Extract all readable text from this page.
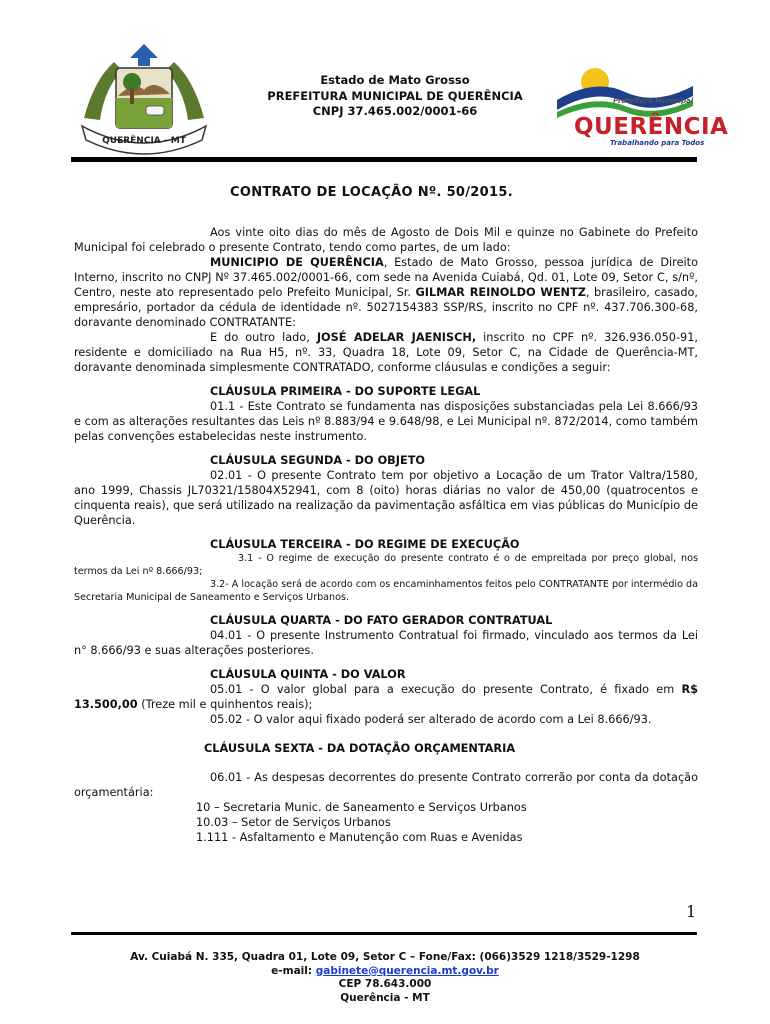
QUERÊNCIA - MT
Estado de Mato Grosso
PREFEITURA MUNICIPAL DE QUERÊNCIA
CNPJ 37.465.002/0001-66
Prefeitura Municipal
QUERÊNCIA
Trabalhando para Todos
CONTRATO DE LOCAÇÃO Nº. 50/2015.

Aos vinte oito dias do mês de Agosto de Dois Mil e quinze no Gabinete do Prefeito Municipal foi celebrado o presente Contrato, tendo como partes, de um lado:

MUNICIPIO DE QUERÊNCIA, Estado de Mato Grosso, pessoa jurídica de Direito Interno, inscrito no CNPJ Nº 37.465.002/0001-66, com sede na Avenida Cuiabá, Qd. 01, Lote 09, Setor C, s/nº, Centro, neste ato representado pelo Prefeito Municipal, Sr. GILMAR REINOLDO WENTZ, brasileiro, casado, empresário, portador da cédula de identidade nº. 5027154383 SSP/RS, inscrito no CPF nº. 437.706.300-68, doravante denominado CONTRATANTE:

E do outro lado, JOSÉ ADELAR JAENISCH, inscrito no CPF nº. 326.936.050-91, residente e domiciliado na Rua H5, nº. 33, Quadra 18, Lote 09, Setor C, na Cidade de Querência-MT, doravante denominada simplesmente CONTRATADO, conforme cláusulas e condições a seguir:

CLÁUSULA PRIMEIRA - DO SUPORTE LEGAL

01.1 - Este Contrato se fundamenta nas disposições substanciadas pela Lei 8.666/93 e com as alterações resultantes das Leis nº 8.883/94 e 9.648/98, e Lei Municipal nº. 872/2014, como também pelas convenções estabelecidas neste instrumento.

CLÁUSULA SEGUNDA - DO OBJETO

02.01 - O presente Contrato tem por objetivo a Locação de um Trator Valtra/1580, ano 1999, Chassis JL70321/15804X52941, com 8 (oito) horas diárias no valor de 450,00 (quatrocentos e cinquenta reais), que será utilizado na realização da pavimentação asfáltica em vias públicas do Município de Querência.

CLÁUSULA TERCEIRA - DO REGIME DE EXECUÇÃO

3.1 - O regime de execução do presente contrato é o de empreitada por preço global, nos termos da Lei nº 8.666/93;

3.2- A locação será de acordo com os encaminhamentos feitos pelo CONTRATANTE por intermédio da Secretaria Municipal de Saneamento e Serviços Urbanos.

CLÁUSULA QUARTA - DO FATO GERADOR CONTRATUAL

04.01 - O presente Instrumento Contratual foi firmado, vinculado aos termos da Lei n° 8.666/93 e suas alterações posteriores.

CLÁUSULA QUINTA - DO VALOR

05.01 - O valor global para a execução do presente Contrato, é fixado em R$ 13.500,00 (Treze mil e quinhentos reais);

05.02 - O valor aqui fixado poderá ser alterado de acordo com a Lei 8.666/93.

CLÁUSULA SEXTA - DA DOTAÇÃO ORÇAMENTARIA

06.01 - As despesas decorrentes do presente Contrato correrão por conta da dotação orçamentária:

10 – Secretaria Munic. de Saneamento e Serviços Urbanos

10.03 – Setor de Serviços Urbanos

1.111 - Asfaltamento e Manutenção com Ruas e Avenidas

1
Av. Cuiabá N. 335, Quadra 01, Lote 09, Setor C – Fone/Fax: (066)3529 1218/3529-1298
e-mail: gabinete@querencia.mt.gov.br
CEP 78.643.000
Querência - MT
